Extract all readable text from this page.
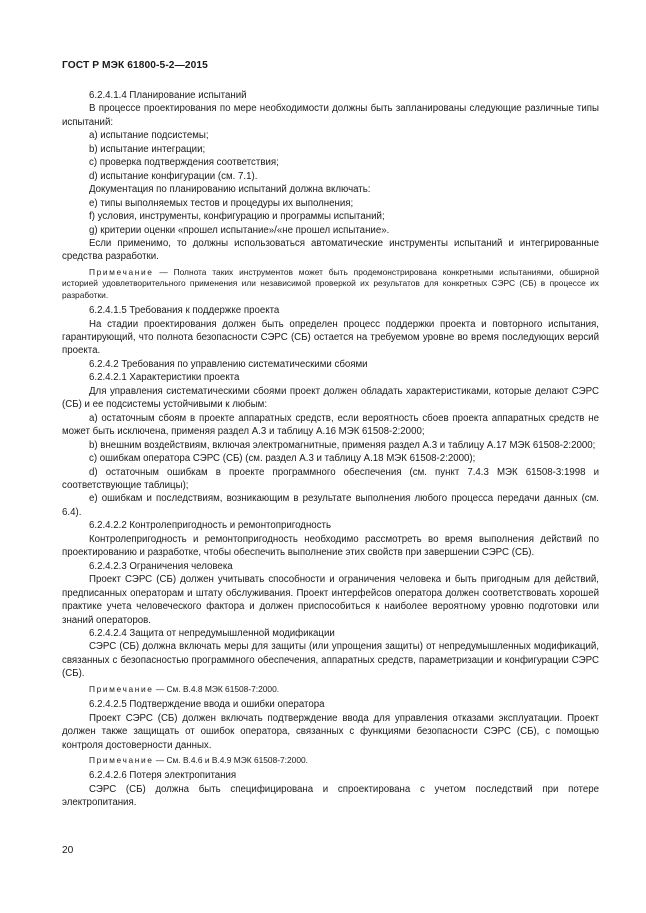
ГОСТ Р МЭК 61800-5-2—2015

6.2.4.1.4 Планирование испытаний

В процессе проектирования по мере необходимости должны быть запланированы следующие различные типы испытаний:

a) испытание подсистемы;

b) испытание интеграции;

c) проверка подтверждения соответствия;

d) испытание конфигурации (см. 7.1).

Документация по планированию испытаний должна включать:

e) типы выполняемых тестов и процедуры их выполнения;

f) условия, инструменты, конфигурацию и программы испытаний;

g) критерии оценки «прошел испытание»/«не прошел испытание».

Если применимо, то должны использоваться автоматические инструменты испытаний и интегрированные средства разработки.

Примечание — Полнота таких инструментов может быть продемонстрирована конкретными испытаниями, обширной историей удовлетворительного применения или независимой проверкой их результатов для конкретных СЭРС (СБ) в процессе их разработки.

6.2.4.1.5 Требования к поддержке проекта

На стадии проектирования должен быть определен процесс поддержки проекта и повторного испытания, гарантирующий, что полнота безопасности СЭРС (СБ) остается на требуемом уровне во время последующих версий проекта.

6.2.4.2 Требования по управлению систематическими сбоями

6.2.4.2.1 Характеристики проекта

Для управления систематическими сбоями проект должен обладать характеристиками, которые делают СЭРС (СБ) и ее подсистемы устойчивыми к любым:

a) остаточным сбоям в проекте аппаратных средств, если вероятность сбоев проекта аппаратных средств не может быть исключена, применяя раздел А.3 и таблицу А.16 МЭК 61508-2:2000;

b) внешним воздействиям, включая электромагнитные, применяя раздел А.3 и таблицу А.17 МЭК 61508-2:2000;

c) ошибкам оператора СЭРС (СБ) (см. раздел А.3 и таблицу А.18 МЭК 61508-2:2000);

d) остаточным ошибкам в проекте программного обеспечения (см. пункт 7.4.3 МЭК 61508-3:1998 и соответствующие таблицы);

e) ошибкам и последствиям, возникающим в результате выполнения любого процесса передачи данных (см. 6.4).

6.2.4.2.2 Контролепригодность и ремонтопригодность

Контролепригодность и ремонтопригодность необходимо рассмотреть во время выполнения действий по проектированию и разработке, чтобы обеспечить выполнение этих свойств при завершении СЭРС (СБ).

6.2.4.2.3 Ограничения человека

Проект СЭРС (СБ) должен учитывать способности и ограничения человека и быть пригодным для действий, предписанных операторам и штату обслуживания. Проект интерфейсов оператора должен соответствовать хорошей практике учета человеческого фактора и должен приспособиться к наиболее вероятному уровню подготовки или знаний операторов.

6.2.4.2.4 Защита от непредумышленной модификации

СЭРС (СБ) должна включать меры для защиты (или упрощения защиты) от непредумышленных модификаций, связанных с безопасностью программного обеспечения, аппаратных средств, параметризации и конфигурации СЭРС (СБ).

Примечание — См. В.4.8 МЭК 61508-7:2000.

6.2.4.2.5 Подтверждение ввода и ошибки оператора

Проект СЭРС (СБ) должен включать подтверждение ввода для управления отказами эксплуатации. Проект должен также защищать от ошибок оператора, связанных с функциями безопасности СЭРС (СБ), с помощью контроля достоверности данных.

Примечание — См. В.4.6 и В.4.9 МЭК 61508-7:2000.

6.2.4.2.6 Потеря электропитания

СЭРС (СБ) должна быть специфицирована и спроектирована с учетом последствий при потере электропитания.

20
